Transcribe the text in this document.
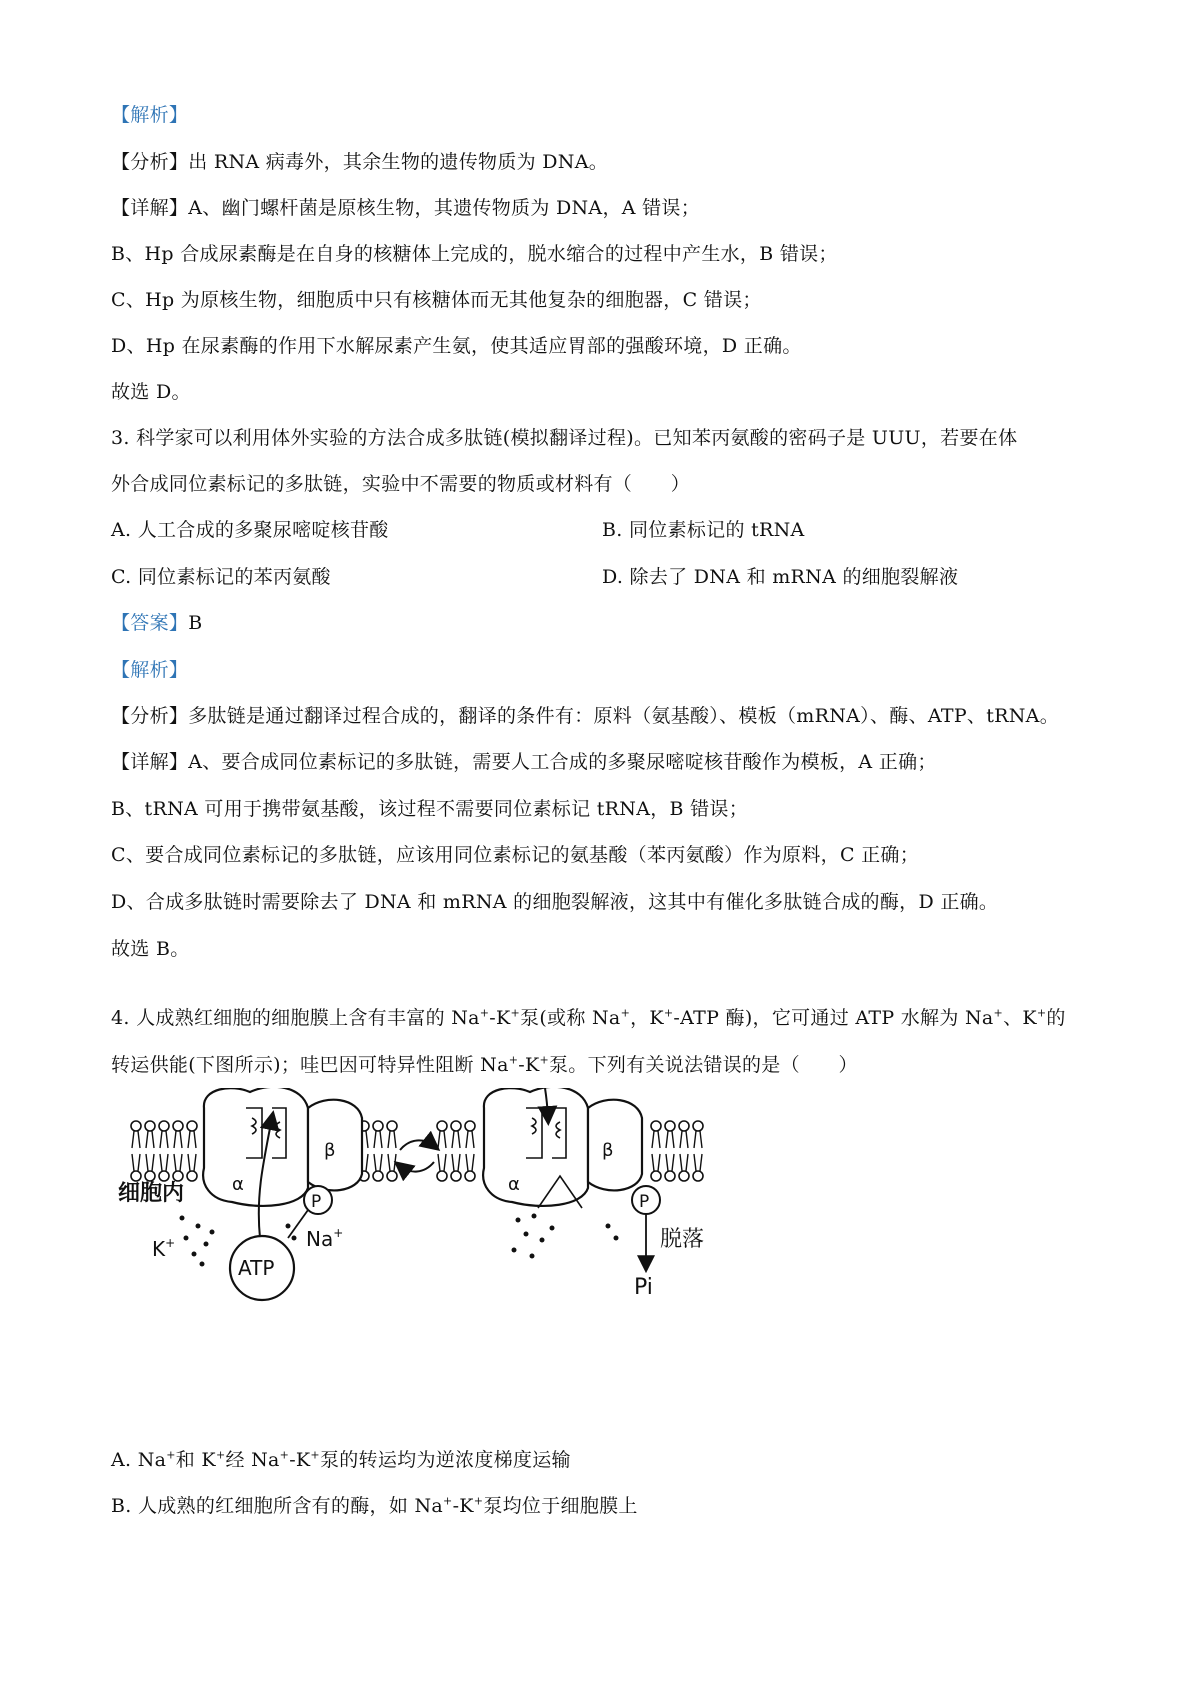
【解析】
【分析】出 RNA 病毒外，其余生物的遗传物质为 DNA。
【详解】A、幽门螺杆菌是原核生物，其遗传物质为 DNA，A 错误；
B、Hp 合成尿素酶是在自身的核糖体上完成的，脱水缩合的过程中产生水，B 错误；
C、Hp 为原核生物，细胞质中只有核糖体而无其他复杂的细胞器，C 错误；
D、Hp 在尿素酶的作用下水解尿素产生氨，使其适应胃部的强酸环境，D 正确。
故选 D。
3. 科学家可以利用体外实验的方法合成多肽链(模拟翻译过程)。已知苯丙氨酸的密码子是 UUU，若要在体
外合成同位素标记的多肽链，实验中不需要的物质或材料有（　　）
A. 人工合成的多聚尿嘧啶核苷酸	B. 同位素标记的 tRNA
C. 同位素标记的苯丙氨酸	D. 除去了 DNA 和 mRNA 的细胞裂解液
【答案】B
【解析】
【分析】多肽链是通过翻译过程合成的，翻译的条件有：原料（氨基酸）、模板（mRNA）、酶、ATP、tRNA。
【详解】A、要合成同位素标记的多肽链，需要人工合成的多聚尿嘧啶核苷酸作为模板，A 正确；
B、tRNA 可用于携带氨基酸，该过程不需要同位素标记 tRNA，B 错误；
C、要合成同位素标记的多肽链，应该用同位素标记的氨基酸（苯丙氨酸）作为原料，C 正确；
D、合成多肽链时需要除去了 DNA 和 mRNA 的细胞裂解液，这其中有催化多肽链合成的酶，D 正确。
故选 B。
4. 人成熟红细胞的细胞膜上含有丰富的 Na+-K+泵(或称 Na+，K+-ATP 酶)，它可通过 ATP 水解为 Na+、K+的
转运供能(下图所示)；哇巴因可特异性阻断 Na+-K+泵。下列有关说法错误的是（　　）
α
β
α
β
细胞内	P
ATP
K+	Na+
P
脱落
Pi
A. Na+和 K+经 Na+-K+泵的转运均为逆浓度梯度运输
B. 人成熟的红细胞所含有的酶，如 Na+-K+泵均位于细胞膜上
